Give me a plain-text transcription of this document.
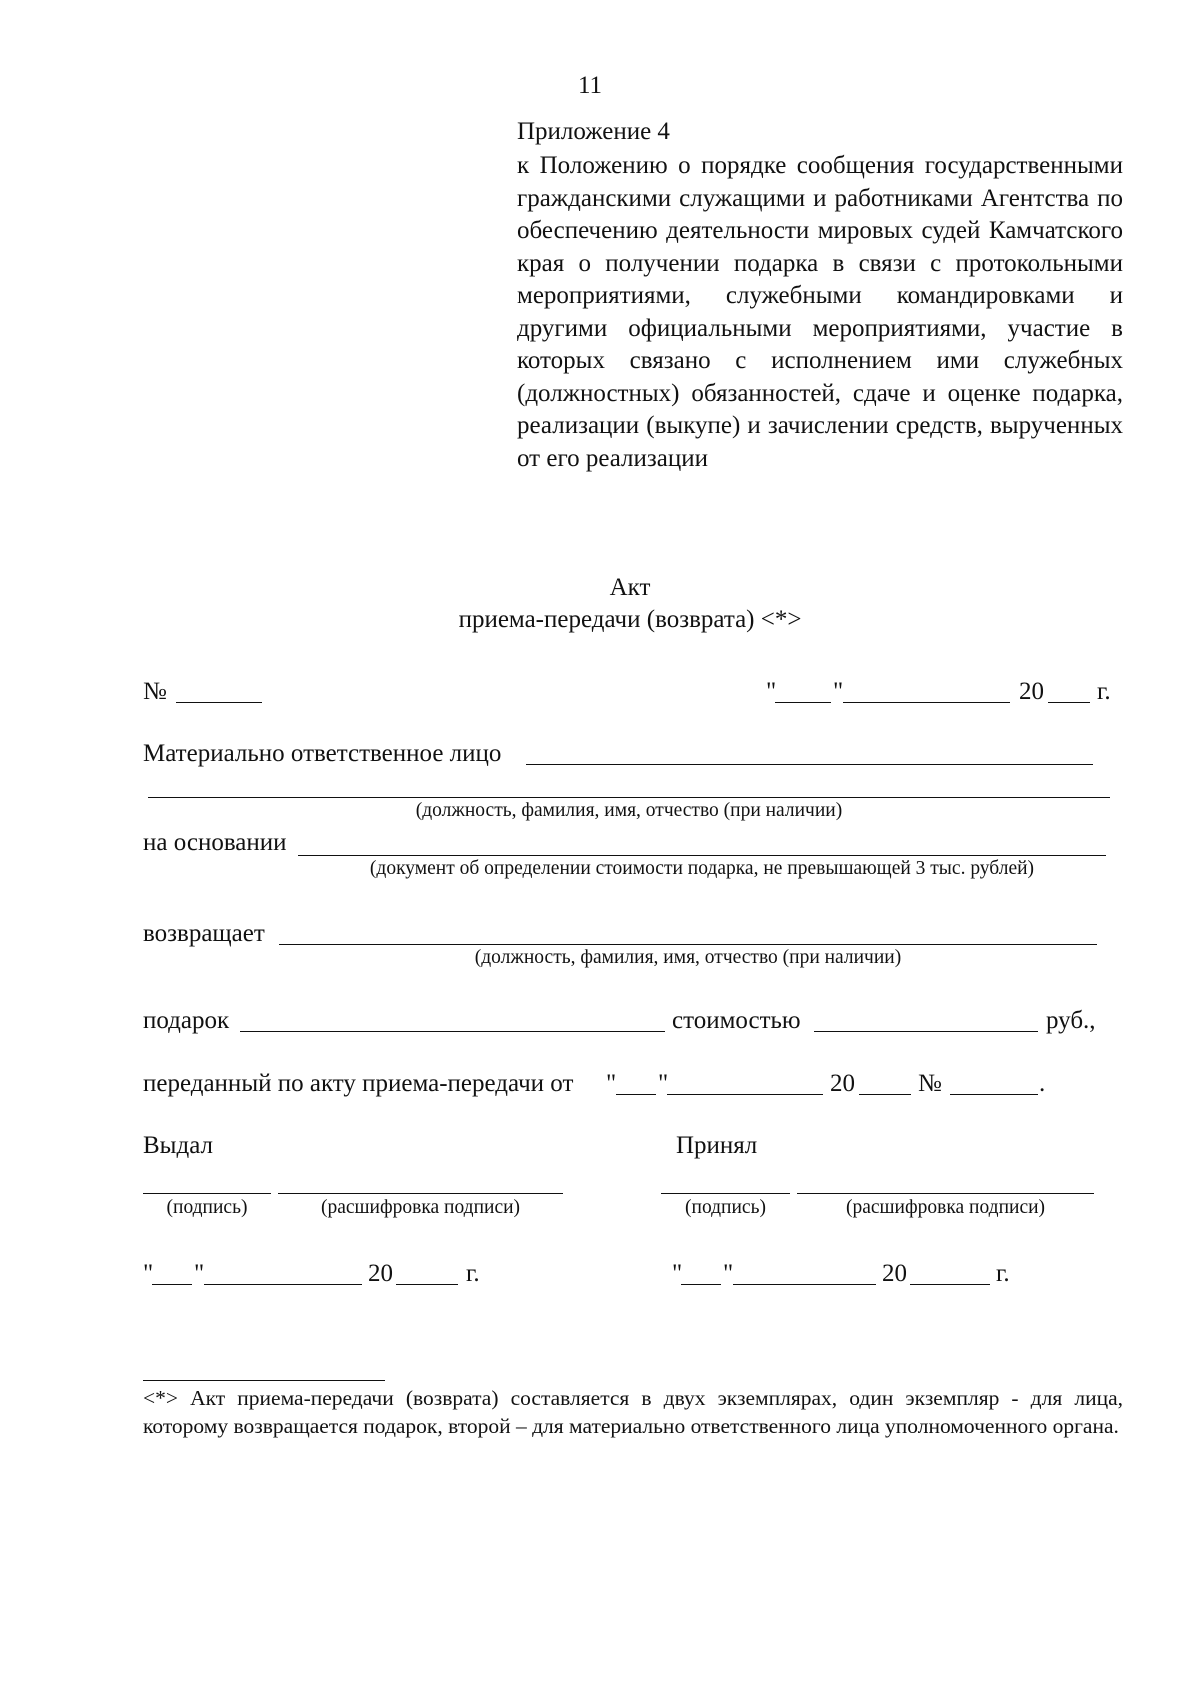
11
Приложение 4
к Положению о порядке сообщения государственными гражданскими служащими и работниками Агентства по обеспечению деятельности мировых судей Камчатского края о получении подарка в связи с протокольными мероприятиями, служебными командировками и другими официальными мероприятиями, участие в которых связано с исполнением ими служебных (должностных) обязанностей, сдаче и оценке подарка, реализации (выкупе) и зачислении средств, вырученных от его реализации
Акт
приема-передачи (возврата) <*>
№	" "	20 г.
Материально ответственное лицо
(должность, фамилия, имя, отчество (при наличии)
на основании
(документ об определении стоимости подарка, не превышающей 3 тыс. рублей)
возвращает
(должность, фамилия, имя, отчество (при наличии)
подарок	стоимостью	руб.,
переданный по акту приема-передачи от " "	20	№	.
Выдал
(подпись)	(расшифровка подписи)
" "	20	г.
Принял
(подпись)	(расшифровка подписи)
" "	20	г.
<*> Акт приема-передачи (возврата) составляется в двух экземплярах, один экземпляр - для лица, которому возвращается подарок, второй – для материально ответственного лица уполномоченного органа.
